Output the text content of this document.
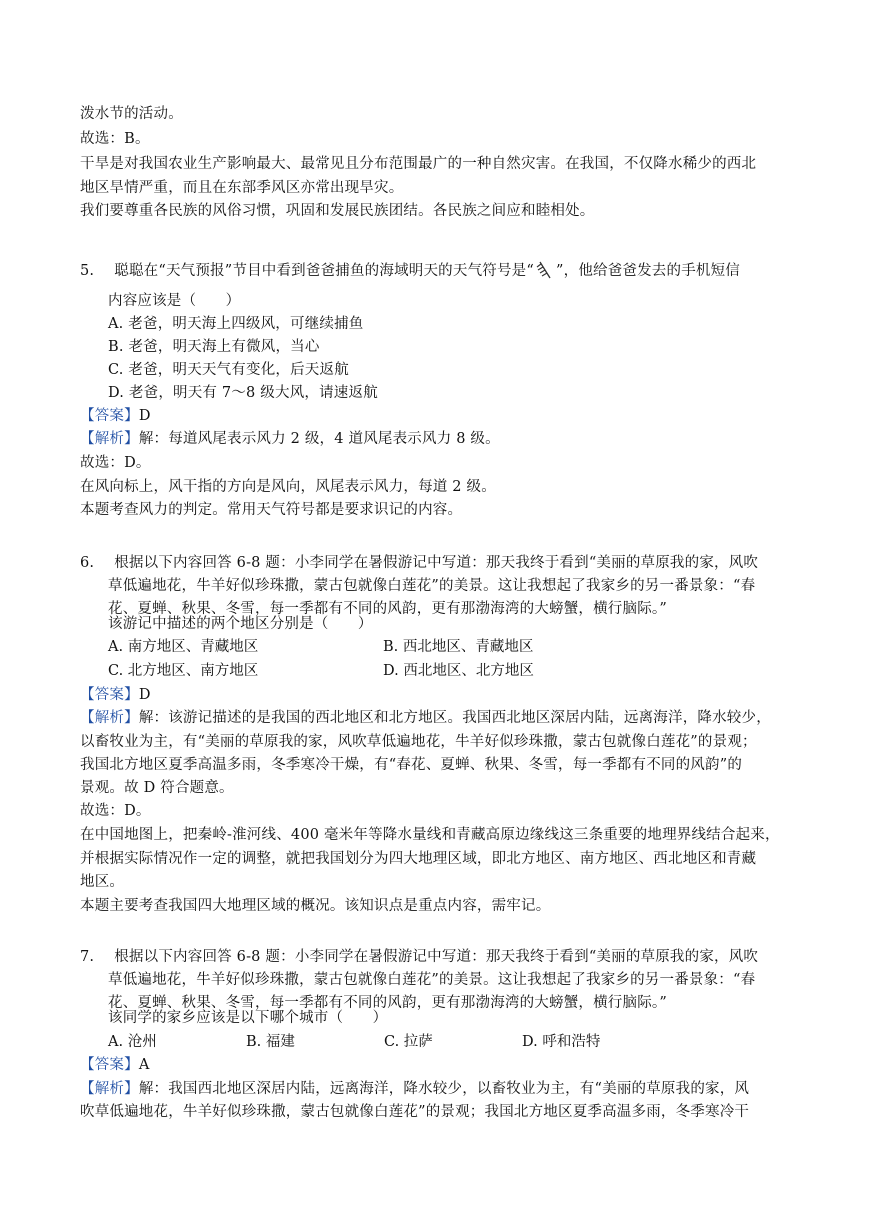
泼水节的活动。
故选：B。
干旱是对我国农业生产影响最大、最常见且分布范围最广的一种自然灾害。在我国，不仅降水稀少的西北
地区旱情严重，而且在东部季风区亦常出现旱灾。
我们要尊重各民族的风俗习惯，巩固和发展民族团结。各民族之间应和睦相处。
5. 聪聪在“天气预报”节目中看到爸爸捕鱼的海域明天的天气符号是“ ”，他给爸爸发去的手机短信
内容应该是（　　）
A. 老爸，明天海上四级风，可继续捕鱼
B. 老爸，明天海上有微风，当心
C. 老爸，明天天气有变化，后天返航
D. 老爸，明天有 7～8 级大风，请速返航
【答案】D
【解析】解：每道风尾表示风力 2 级，4 道风尾表示风力 8 级。
故选：D。
在风向标上，风干指的方向是风向，风尾表示风力，每道 2 级。
本题考查风力的判定。常用天气符号都是要求识记的内容。
6. 根据以下内容回答 6-8 题：小李同学在暑假游记中写道：那天我终于看到“美丽的草原我的家，风吹
草低遍地花，牛羊好似珍珠撒，蒙古包就像白莲花”的美景。这让我想起了我家乡的另一番景象：“春
花、夏蝉、秋果、冬雪，每一季都有不同的风韵，更有那渤海湾的大螃蟹，横行脑际。”
该游记中描述的两个地区分别是（　　）
A. 南方地区、青藏地区	B. 西北地区、青藏地区
C. 北方地区、南方地区	D. 西北地区、北方地区
【答案】D
【解析】解：该游记描述的是我国的西北地区和北方地区。我国西北地区深居内陆，远离海洋，降水较少，
以畜牧业为主，有“美丽的草原我的家，风吹草低遍地花，牛羊好似珍珠撒，蒙古包就像白莲花”的景观；
我国北方地区夏季高温多雨，冬季寒冷干燥，有“春花、夏蝉、秋果、冬雪，每一季都有不同的风韵”的
景观。故 D 符合题意。
故选：D。
在中国地图上，把秦岭-淮河线、400 毫米年等降水量线和青藏高原边缘线这三条重要的地理界线结合起来，
并根据实际情况作一定的调整，就把我国划分为四大地理区域，即北方地区、南方地区、西北地区和青藏
地区。
本题主要考查我国四大地理区域的概况。该知识点是重点内容，需牢记。
7. 根据以下内容回答 6-8 题：小李同学在暑假游记中写道：那天我终于看到“美丽的草原我的家，风吹
草低遍地花，牛羊好似珍珠撒，蒙古包就像白莲花”的美景。这让我想起了我家乡的另一番景象：“春
花、夏蝉、秋果、冬雪，每一季都有不同的风韵，更有那渤海湾的大螃蟹，横行脑际。”
该同学的家乡应该是以下哪个城市（　　）
A. 沧州	B. 福建	C. 拉萨	D. 呼和浩特
【答案】A
【解析】解：我国西北地区深居内陆，远离海洋，降水较少，以畜牧业为主，有“美丽的草原我的家，风
吹草低遍地花，牛羊好似珍珠撒，蒙古包就像白莲花”的景观；我国北方地区夏季高温多雨，冬季寒冷干
